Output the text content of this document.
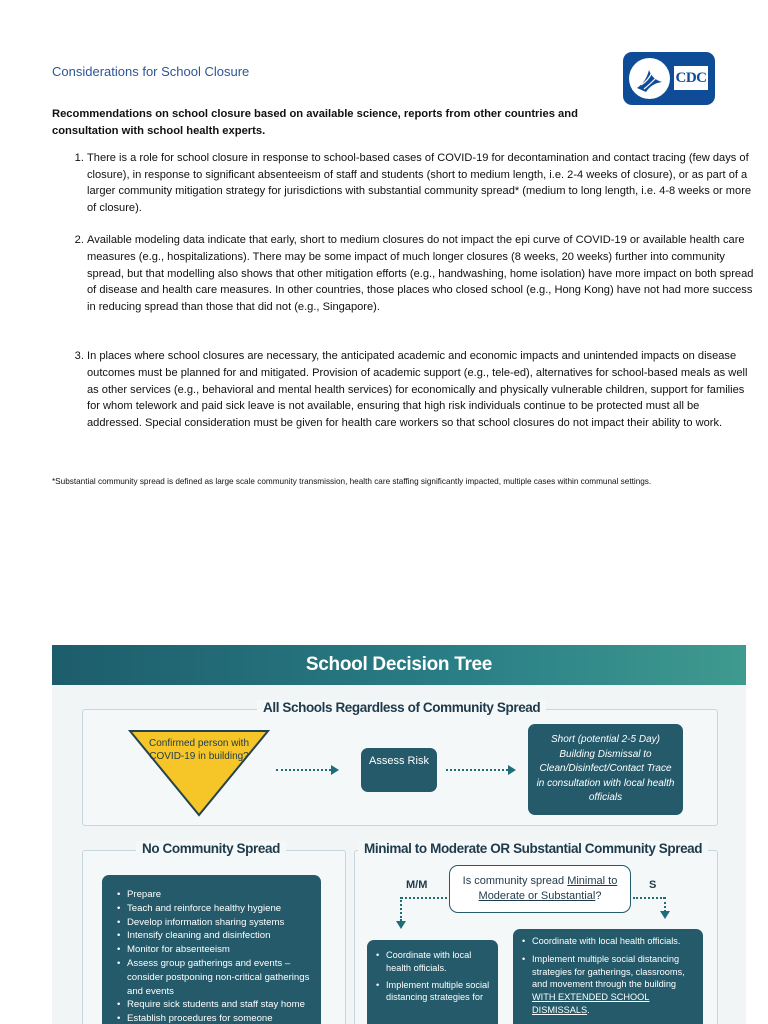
Considerations for School Closure	CDC
Recommendations on school closure based on available science, reports from other countries and consultation with school health experts.
1. There is a role for school closure in response to school-based cases of COVID-19 for decontamination and contact tracing (few days of closure), in response to significant absenteeism of staff and students (short to medium length, i.e. 2-4 weeks of closure), or as part of a larger community mitigation strategy for jurisdictions with substantial community spread* (medium to long length, i.e. 4-8 weeks or more of closure).
2. Available modeling data indicate that early, short to medium closures do not impact the epi curve of COVID-19 or available health care measures (e.g., hospitalizations). There may be some impact of much longer closures (8 weeks, 20 weeks) further into community spread, but that modelling also shows that other mitigation efforts (e.g., handwashing, home isolation) have more impact on both spread of disease and health care measures. In other countries, those places who closed school (e.g., Hong Kong) have not had more success in reducing spread than those that did not (e.g., Singapore).
3. In places where school closures are necessary, the anticipated academic and economic impacts and unintended impacts on disease outcomes must be planned for and mitigated. Provision of academic support (e.g., tele-ed), alternatives for school-based meals as well as other services (e.g., behavioral and mental health services) for economically and physically vulnerable children, support for families for whom telework and paid sick leave is not available, ensuring that high risk individuals continue to be protected must all be addressed. Special consideration must be given for health care workers so that school closures do not impact their ability to work.
*Substantial community spread is defined as large scale community transmission, health care staffing significantly impacted, multiple cases within communal settings.
School Decision Tree
All Schools Regardless of Community Spread
Confirmed person with COVID-19 in building?	Assess Risk
Short (potential 2-5 Day) Building Dismissal to Clean/Disinfect/Contact Trace in consultation with local health officials
No Community Spread
• Prepare
• Teach and reinforce healthy hygiene
• Develop information sharing systems
• Intensify cleaning and disinfection
• Monitor for absenteeism
• Assess group gatherings and events – consider postponing non-critical gatherings and events
• Require sick students and staff stay home
• Establish procedures for someone
Minimal to Moderate OR Substantial Community Spread
M/M	S
Is community spread Minimal to Moderate or Substantial?
• Coordinate with local health officials.
• Implement multiple social distancing strategies for
• Coordinate with local health officials.
• Implement multiple social distancing strategies for gatherings, classrooms, and movement through the building WITH EXTENDED SCHOOL DISMISSALS.
